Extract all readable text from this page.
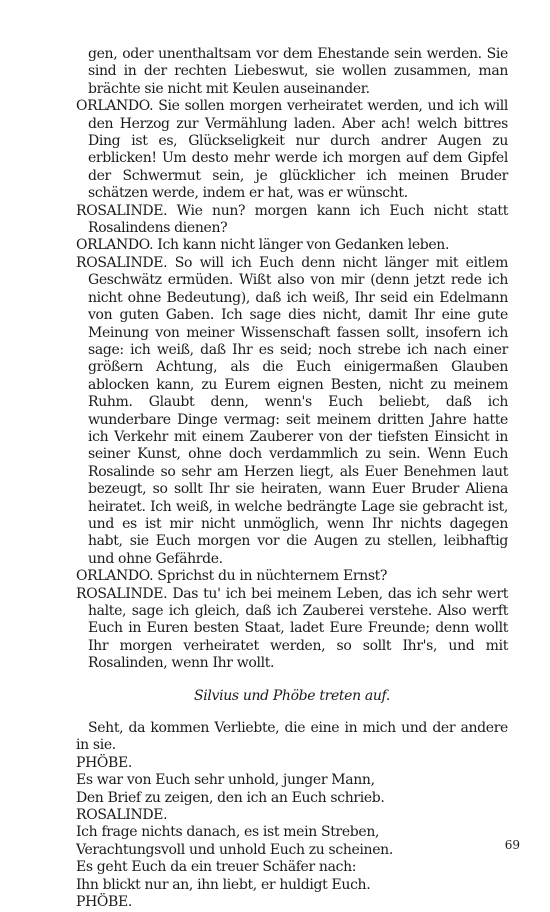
gen, oder unenthaltsam vor dem Ehestande sein werden. Sie sind in der rechten Liebeswut, sie wollen zusammen, man brächte sie nicht mit Keulen auseinander.

ORLANDO. Sie sollen morgen verheiratet werden, und ich will den Herzog zur Vermählung laden. Aber ach! welch bittres Ding ist es, Glückseligkeit nur durch andrer Augen zu erblicken! Um desto mehr werde ich morgen auf dem Gipfel der Schwermut sein, je glücklicher ich meinen Bruder schätzen werde, indem er hat, was er wünscht.

ROSALINDE. Wie nun? morgen kann ich Euch nicht statt Rosalindens dienen?

ORLANDO. Ich kann nicht länger von Gedanken leben.

ROSALINDE. So will ich Euch denn nicht länger mit eitlem Geschwätz ermüden. Wißt also von mir (denn jetzt rede ich nicht ohne Bedeutung), daß ich weiß, Ihr seid ein Edelmann von guten Gaben. Ich sage dies nicht, damit Ihr eine gute Meinung von meiner Wissenschaft fassen sollt, insofern ich sage: ich weiß, daß Ihr es seid; noch strebe ich nach einer größern Achtung, als die Euch einigermaßen Glauben ablocken kann, zu Eurem eignen Besten, nicht zu meinem Ruhm. Glaubt denn, wenn's Euch beliebt, daß ich wunderbare Dinge vermag: seit meinem dritten Jahre hatte ich Verkehr mit einem Zauberer von der tiefsten Einsicht in seiner Kunst, ohne doch verdammlich zu sein. Wenn Euch Rosalinde so sehr am Herzen liegt, als Euer Benehmen laut bezeugt, so sollt Ihr sie heiraten, wann Euer Bruder Aliena heiratet. Ich weiß, in welche bedrängte Lage sie gebracht ist, und es ist mir nicht unmöglich, wenn Ihr nichts dagegen habt, sie Euch morgen vor die Augen zu stellen, leibhaftig und ohne Gefährde.

ORLANDO. Sprichst du in nüchternem Ernst?

ROSALINDE. Das tu' ich bei meinem Leben, das ich sehr wert halte, sage ich gleich, daß ich Zauberei verstehe. Also werft Euch in Euren besten Staat, ladet Eure Freunde; denn wollt Ihr morgen verheiratet werden, so sollt Ihr's, und mit Rosalinden, wenn Ihr wollt.

Silvius und Phöbe treten auf.

Seht, da kommen Verliebte, die eine in mich und der andere in sie.

PHÖBE.

Es war von Euch sehr unhold, junger Mann,

Den Brief zu zeigen, den ich an Euch schrieb.

ROSALINDE.

Ich frage nichts danach, es ist mein Streben,

Verachtungsvoll und unhold Euch zu scheinen.

Es geht Euch da ein treuer Schäfer nach:

Ihn blickt nur an, ihn liebt, er huldigt Euch.

PHÖBE.

69
